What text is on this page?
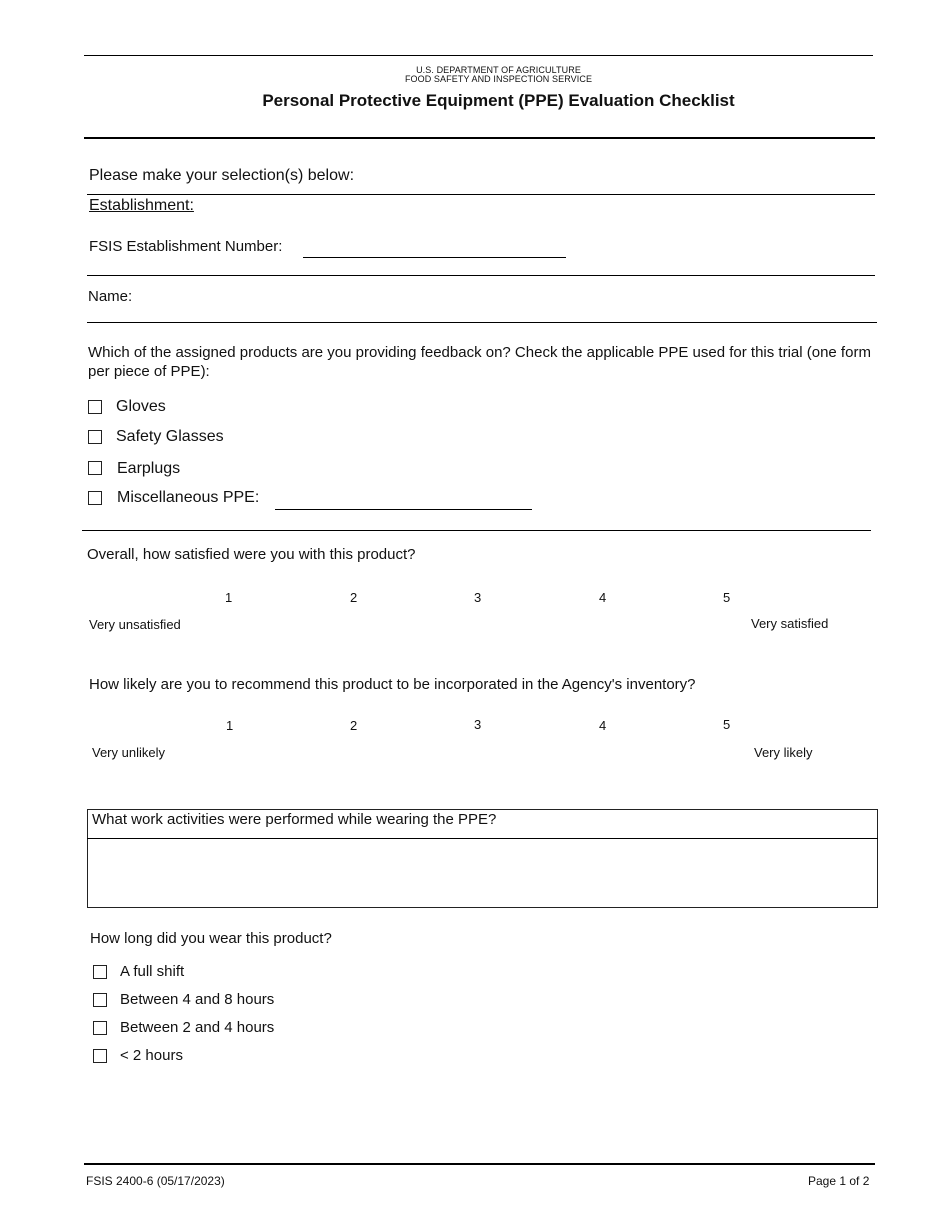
U.S. DEPARTMENT OF AGRICULTURE
FOOD SAFETY AND INSPECTION SERVICE
Personal Protective Equipment (PPE) Evaluation Checklist
Please make your selection(s) below:
Establishment:
FSIS Establishment Number:
Name:
Which of the assigned products are you providing feedback on? Check the applicable PPE used for this trial (one form per piece of PPE):
Gloves
Safety Glasses
Earplugs
Miscellaneous PPE:
Overall, how satisfied were you with this product?
1	2	3	4	5
Very unsatisfied	Very satisfied
How likely are you to recommend this product to be incorporated in the Agency's inventory?
1	2	3	4	5
Very unlikely	Very likely
What work activities were performed while wearing the PPE?
How long did you wear this product?
A full shift
Between 4 and 8 hours
Between 2 and 4 hours
< 2 hours
FSIS 2400-6 (05/17/2023)	Page 1 of 2
